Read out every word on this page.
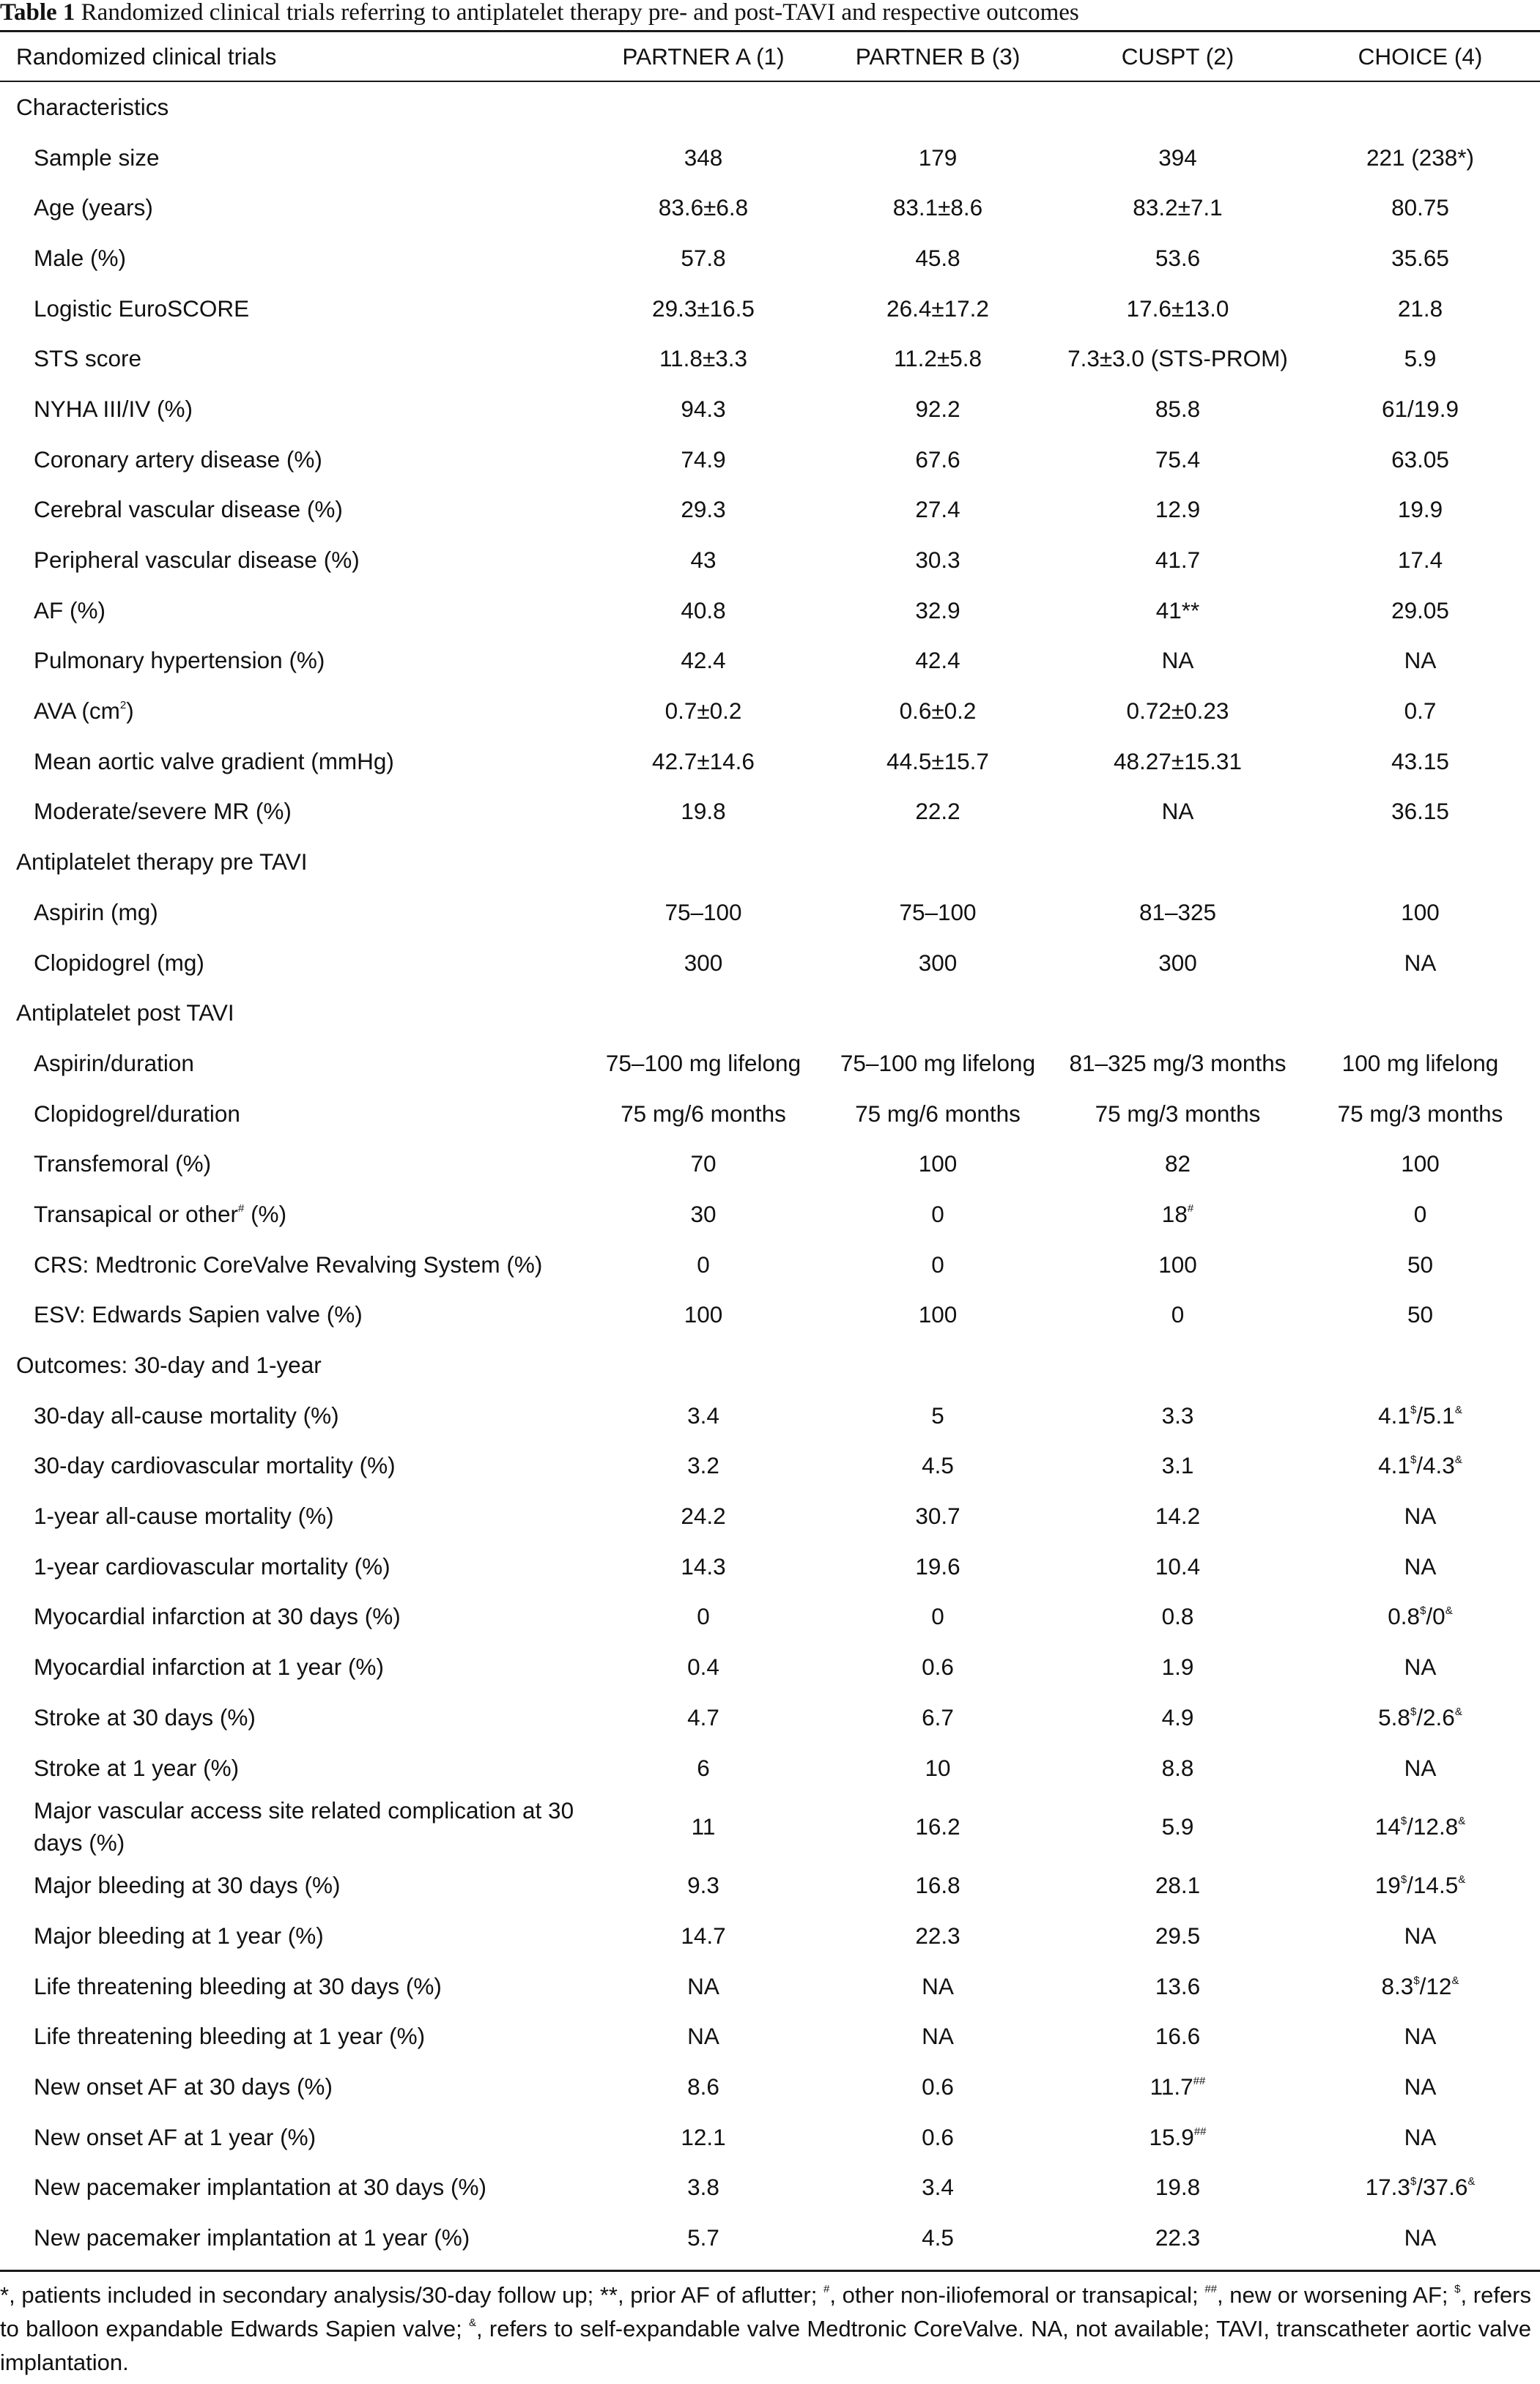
Table 1 Randomized clinical trials referring to antiplatelet therapy pre- and post-TAVI and respective outcomes
Randomized clinical trials	PARTNER A (1)	PARTNER B (3)	CUSPT (2)	CHOICE (4)
Characteristics				
Sample size	348	179	394	221 (238*)
Age (years)	83.6±6.8	83.1±8.6	83.2±7.1	80.75
Male (%)	57.8	45.8	53.6	35.65
Logistic EuroSCORE	29.3±16.5	26.4±17.2	17.6±13.0	21.8
STS score	11.8±3.3	11.2±5.8	7.3±3.0 (STS-PROM)	5.9
NYHA III/IV (%)	94.3	92.2	85.8	61/19.9
Coronary artery disease (%)	74.9	67.6	75.4	63.05
Cerebral vascular disease (%)	29.3	27.4	12.9	19.9
Peripheral vascular disease (%)	43	30.3	41.7	17.4
AF (%)	40.8	32.9	41**	29.05
Pulmonary hypertension (%)	42.4	42.4	NA	NA
AVA $(cm^2)$	0.7±0.2	0.6±0.2	0.72±0.23	0.7
Mean aortic valve gradient (mmHg)	42.7±14.6	44.5±15.7	48.27±15.31	43.15
Moderate/severe MR (%)	19.8	22.2	NA	36.15
Antiplatelet therapy pre TAVI				
Aspirin (mg)	75–100	75–100	81–325	100
Clopidogrel (mg)	300	300	300	NA
Antiplatelet post TAVI				
Aspirin/duration	75–100 mg lifelong	75–100 mg lifelong	81–325 mg/3 months	100 mg lifelong
Clopidogrel/duration	75 mg/6 months	75 mg/6 months	75 mg/3 months	75 mg/3 months
Transfemoral (%)	70	100	82	100
Transapical or other# (%)	30	0	18#	0
CRS: Medtronic CoreValve Revalving System (%)	0	0	100	50
ESV: Edwards Sapien valve (%)	100	100	0	50
Outcomes: 30-day and 1-year				
30-day all-cause mortality (%)	3.4	5	3.3	4.1$/5.1&
30-day cardiovascular mortality (%)	3.2	4.5	3.1	4.1$/4.3&
1-year all-cause mortality (%)	24.2	30.7	14.2	NA
1-year cardiovascular mortality (%)	14.3	19.6	10.4	NA
Myocardial infarction at 30 days (%)	0	0	0.8	0.8$/0&
Myocardial infarction at 1 year (%)	0.4	0.6	1.9	NA
Stroke at 30 days (%)	4.7	6.7	4.9	5.8$/2.6&
Stroke at 1 year (%)	6	10	8.8	NA
Major vascular access site related complication at 30 days (%)	11	16.2	5.9	14$/12.8&
Major bleeding at 30 days (%)	9.3	16.8	28.1	19$/14.5&
Major bleeding at 1 year (%)	14.7	22.3	29.5	NA
Life threatening bleeding at 30 days (%)	NA	NA	13.6	8.3$/12&
Life threatening bleeding at 1 year (%)	NA	NA	16.6	NA
New onset AF at 30 days (%)	8.6	0.6	11.7##	NA
New onset AF at 1 year (%)	12.1	0.6	15.9##	NA
New pacemaker implantation at 30 days (%)	3.8	3.4	19.8	17.3$/37.6&
New pacemaker implantation at 1 year (%)	5.7	4.5	22.3	NA
*, patients included in secondary analysis/30-day follow up; **, prior AF of aflutter; #, other non-iliofemoral or transapical; ##, new or worsening AF; $, refers to balloon expandable Edwards Sapien valve; &, refers to self-expandable valve Medtronic CoreValve. NA, not available; TAVI, transcatheter aortic valve implantation.
